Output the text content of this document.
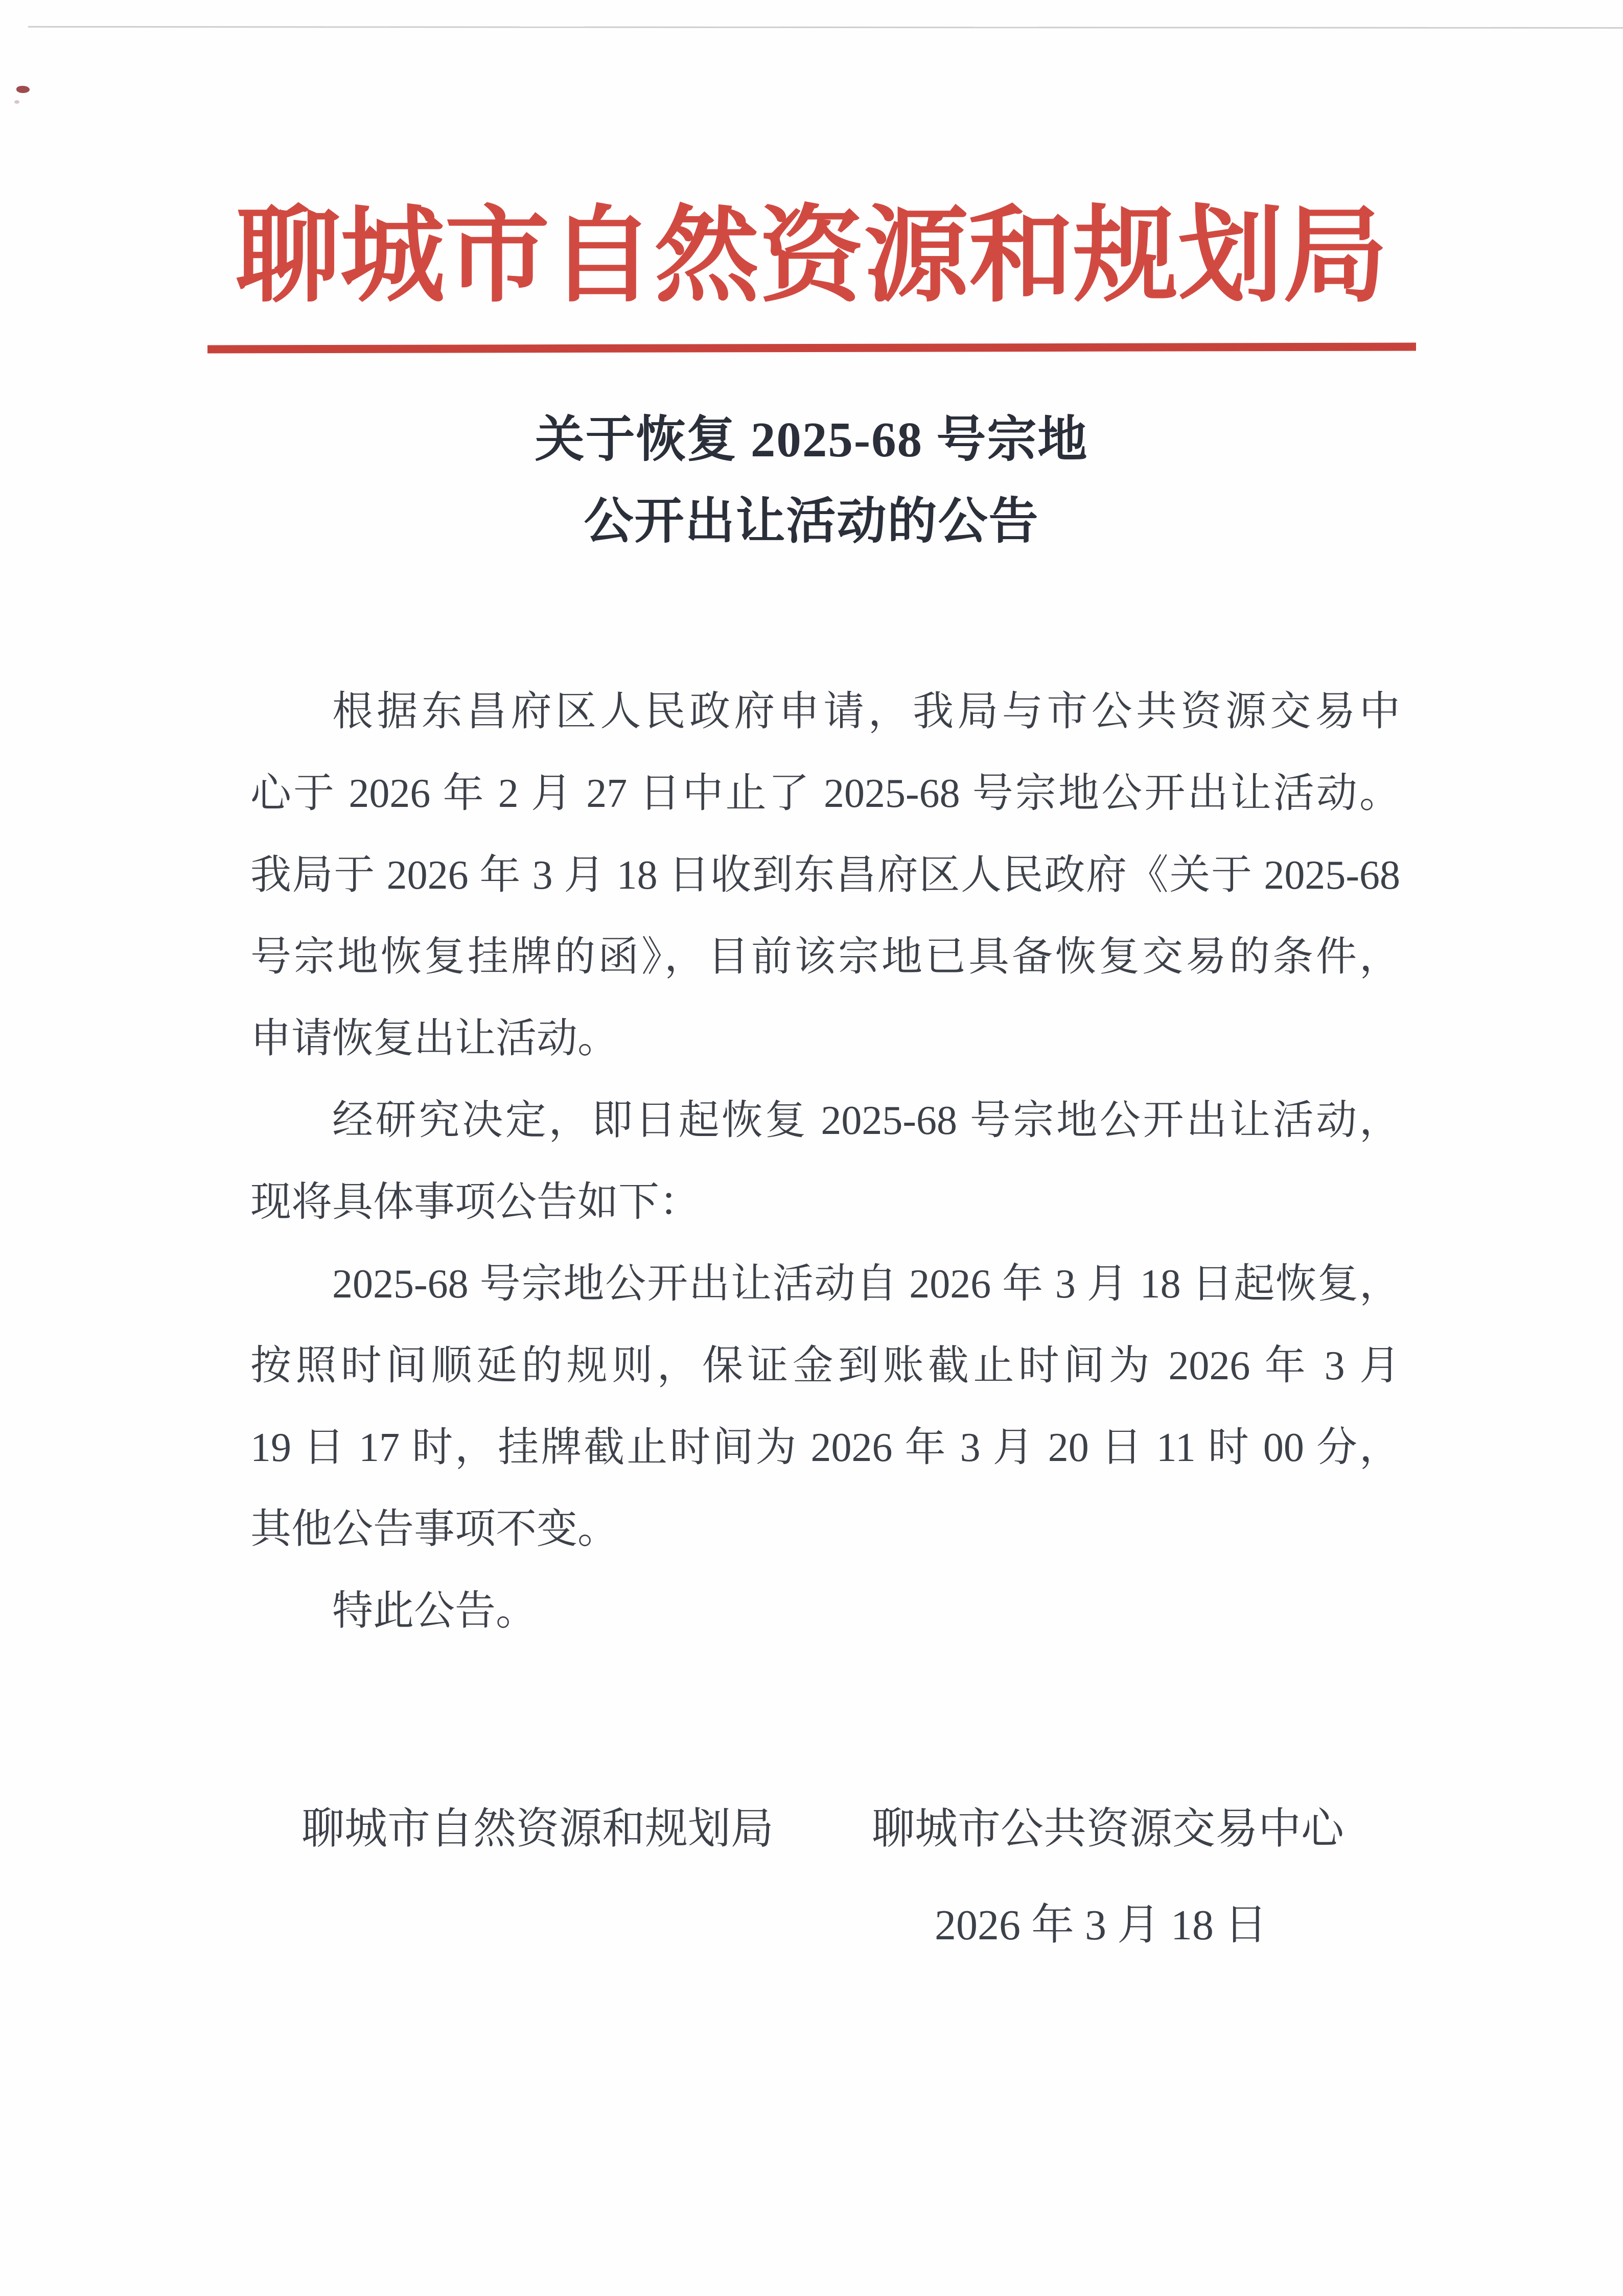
聊城市自然资源和规划局
关于恢复 2025-68 号宗地
公开出让活动的公告
根据东昌府区人民政府申请，我局与市公共资源交易中
心于 2026 年 2 月 27 日中止了 2025-68 号宗地公开出让活动。
我局于 2026 年 3 月 18 日收到东昌府区人民政府《关于 2025-68
号宗地恢复挂牌的函》，目前该宗地已具备恢复交易的条件，
申请恢复出让活动。
经研究决定，即日起恢复 2025-68 号宗地公开出让活动，
现将具体事项公告如下：
2025-68 号宗地公开出让活动自 2026 年 3 月 18 日起恢复，
按照时间顺延的规则，保证金到账截止时间为 2026 年 3 月
19 日 17 时，挂牌截止时间为 2026 年 3 月 20 日 11 时 00 分，
其他公告事项不变。
特此公告。
聊城市自然资源和规划局 聊城市公共资源交易中心
2026 年 3 月 18 日
